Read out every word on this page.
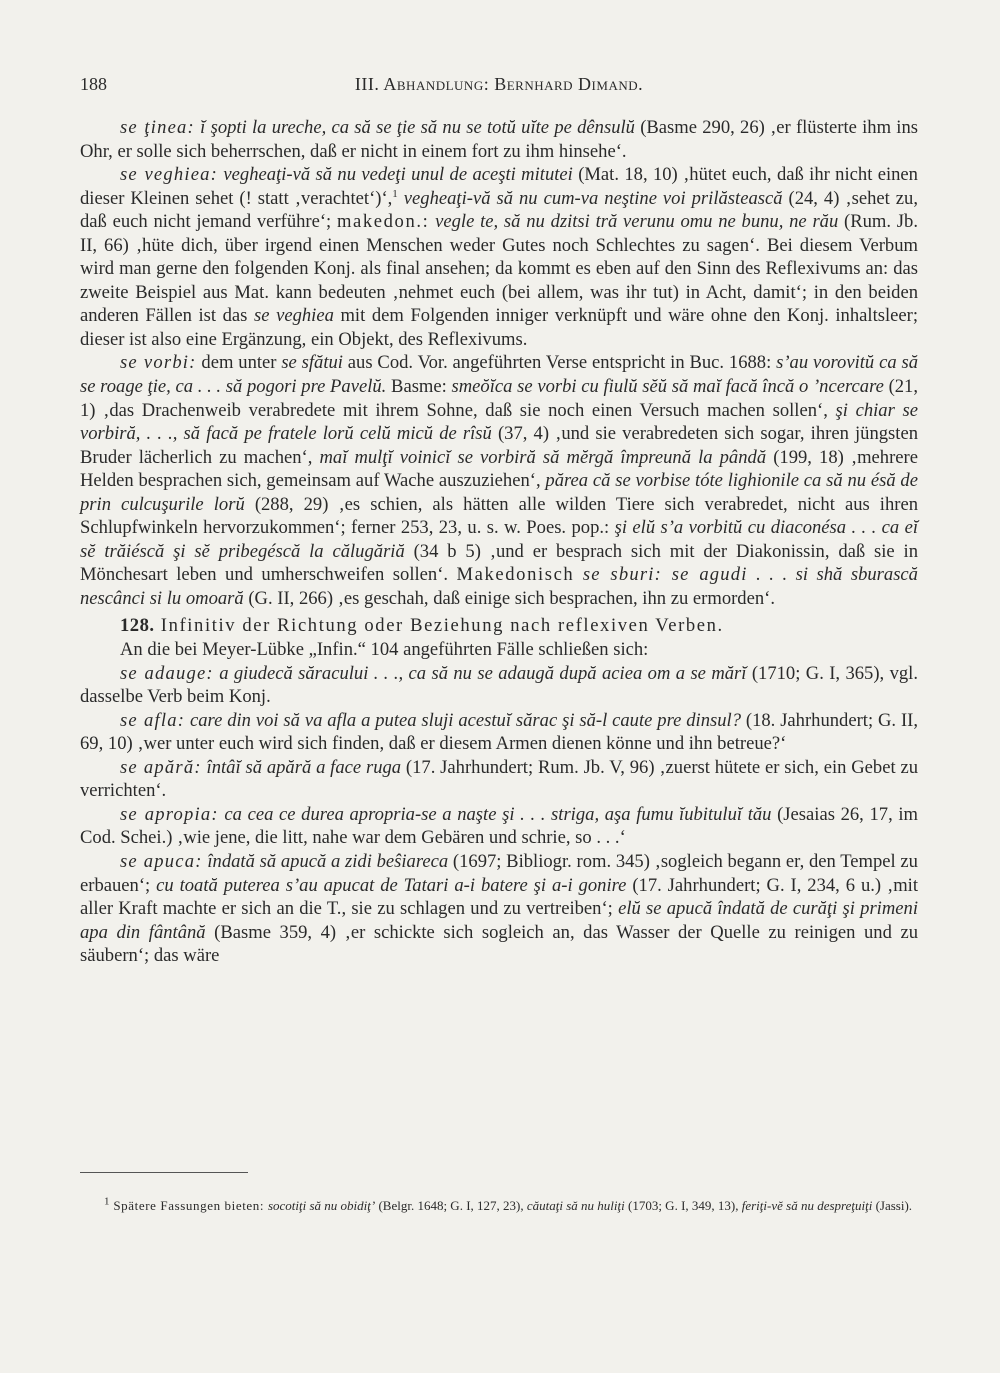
188	III. Abhandlung: Bernhard Dimand.

se ţinea: ĭ şopti la ureche, ca să se ţie să nu se totŭ uĭte pe dênsulŭ (Basme 290, 26) ‚er flüsterte ihm ins Ohr, er solle sich beherrschen, daß er nicht in einem fort zu ihm hinsehe‘.

se veghiea: vegheaţi-vă să nu vedeţi unul de aceşti mitutei (Mat. 18, 10) ‚hütet euch, daß ihr nicht einen dieser Kleinen sehet (! statt ‚verachtet‘)‘,$^1$ vegheaţi-vă să nu cum-va neştine voi prilăstească (24, 4) ‚sehet zu, daß euch nicht jemand verführe‘; makedon.: vegle te, să nu dzitsi tră verunu omu ne bunu, ne rău (Rum. Jb. II, 66) ‚hüte dich, über irgend einen Menschen weder Gutes noch Schlechtes zu sagen‘. Bei diesem Verbum wird man gerne den folgenden Konj. als final ansehen; da kommt es eben auf den Sinn des Reflexivums an: das zweite Beispiel aus Mat. kann bedeuten ‚nehmet euch (bei allem, was ihr tut) in Acht, damit‘; in den beiden anderen Fällen ist das se veghiea mit dem Folgenden inniger verknüpft und wäre ohne den Konj. inhaltsleer; dieser ist also eine Ergänzung, ein Objekt, des Reflexivums.

se vorbi: dem unter se sfătui aus Cod. Vor. angeführten Verse entspricht in Buc. 1688: s’au vorovitŭ ca să se roage ţie, ca . . . să pogori pre Pavelŭ. Basme: smeŏĭca se vorbi cu fiulŭ sĕŭ să maĭ facă încă o ’ncercare (21, 1) ‚das Drachenweib verabredete mit ihrem Sohne, daß sie noch einen Versuch machen sollen‘, şi chiar se vorbiră, . . ., să facă pe fratele lorŭ celŭ micŭ de rîsŭ (37, 4) ‚und sie verabredeten sich sogar, ihren jüngsten Bruder lächerlich zu machen‘, maĭ mulţĭ voinicĭ se vorbiră să mĕrgă împreună la pândă (199, 18) ‚mehrere Helden besprachen sich, gemeinsam auf Wache auszuziehen‘, părea că se vorbise tóte lighionile ca să nu ésă de prin culcuşurile lorŭ (288, 29) ‚es schien, als hätten alle wilden Tiere sich verabredet, nicht aus ihren Schlupfwinkeln hervorzukommen‘; ferner 253, 23, u. s. w. Poes. pop.: şi elŭ s’a vorbitŭ cu diaconésa . . . ca eĭ sĕ trăiéscă şi sĕ pribegéscă la călugăriă (34 b 5) ‚und er besprach sich mit der Diakonissin, daß sie in Mönchesart leben und umherschweifen sollen‘. Makedonisch se sburi: se agudi . . . si shă sburască nescânci si lu omoară (G. II, 266) ‚es geschah, daß einige sich besprachen, ihn zu ermorden‘.

128. Infinitiv der Richtung oder Beziehung nach reflexiven Verben.

An die bei Meyer-Lübke „Infin.“ 104 angeführten Fälle schließen sich:

se adauge: a giudecă săracului . . ., ca să nu se adaugă după aciea om a se mărĭ (1710; G. I, 365), vgl. dasselbe Verb beim Konj.

se afla: care din voi să va afla a putea sluji acestuĭ sărac şi să-l caute pre dinsul? (18. Jahrhundert; G. II, 69, 10) ‚wer unter euch wird sich finden, daß er diesem Armen dienen könne und ihn betreue?‘

se apără: întâĭ să apără a face ruga (17. Jahrhundert; Rum. Jb. V, 96) ‚zuerst hütete er sich, ein Gebet zu verrichten‘.

se apropia: ca cea ce durea apropria-se a naşte şi . . . striga, aşa fumu ĭubituluĭ tău (Jesaias 26, 17, im Cod. Schei.) ‚wie jene, die litt, nahe war dem Gebären und schrie, so . . .‘

se apuca: îndată să apucă a zidi beŝiareca (1697; Bibliogr. rom. 345) ‚sogleich begann er, den Tempel zu erbauen‘; cu toată puterea s’au apucat de Tatari a-i batere şi a-i gonire (17. Jahrhundert; G. I, 234, 6 u.) ‚mit aller Kraft machte er sich an die T., sie zu schlagen und zu vertreiben‘; elŭ se apucă îndată de curăţi şi primeni apa din fântână (Basme 359, 4) ‚er schickte sich sogleich an, das Wasser der Quelle zu reinigen und zu säubern‘; das wäre

$^1$ Spätere Fassungen bieten: socotiţi să nu obidiţ’ (Belgr. 1648; G. I, 127, 23), căutaţi să nu huliţi (1703; G. I, 349, 13), feriţi-vĕ să nu despreţuiţi (Jassi).
